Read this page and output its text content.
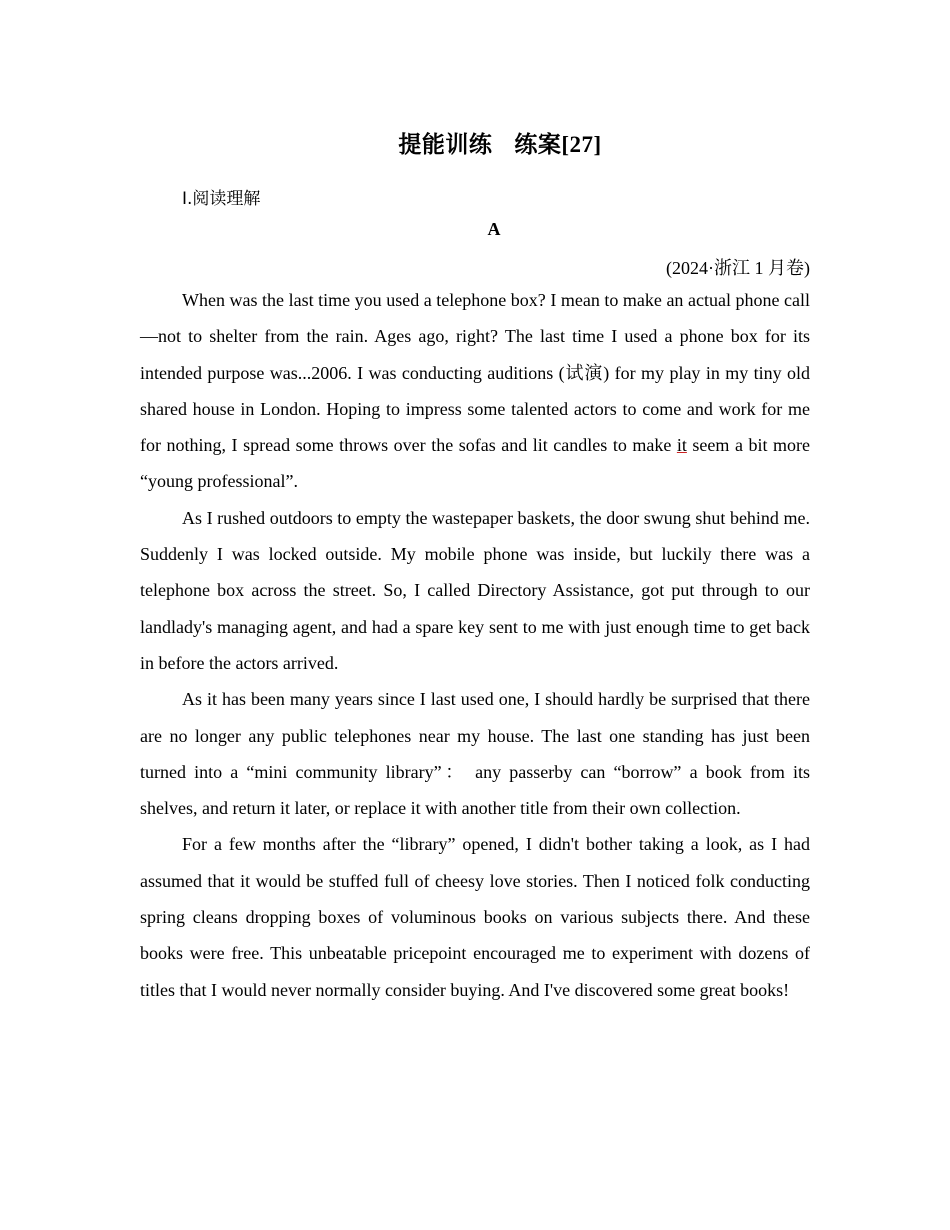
提能训练 练案[27]
Ⅰ.阅读理解
A
(2024·浙江 1 月卷)

When was the last time you used a telephone box? I mean to make an actual phone call—not to shelter from the rain. Ages ago, right? The last time I used a phone box for its intended purpose was...2006. I was conducting auditions (试演) for my play in my tiny old shared house in London. Hoping to impress some talented actors to come and work for me for nothing, I spread some throws over the sofas and lit candles to make it seem a bit more “young professional”.

As I rushed outdoors to empty the wastepaper baskets, the door swung shut behind me. Suddenly I was locked outside. My mobile phone was inside, but luckily there was a telephone box across the street. So, I called Directory Assistance, got put through to our landlady's managing agent, and had a spare key sent to me with just enough time to get back in before the actors arrived.

As it has been many years since I last used one, I should hardly be surprised that there are no longer any public telephones near my house. The last one standing has just been turned into a “mini community library”： any passerby can “borrow” a book from its shelves, and return it later, or replace it with another title from their own collection.

For a few months after the “library” opened, I didn't bother taking a look, as I had assumed that it would be stuffed full of cheesy love stories. Then I noticed folk conducting spring cleans dropping boxes of voluminous books on various subjects there. And these books were free. This unbeatable pricepoint encouraged me to experiment with dozens of titles that I would never normally consider buying. And I've discovered some great books!
